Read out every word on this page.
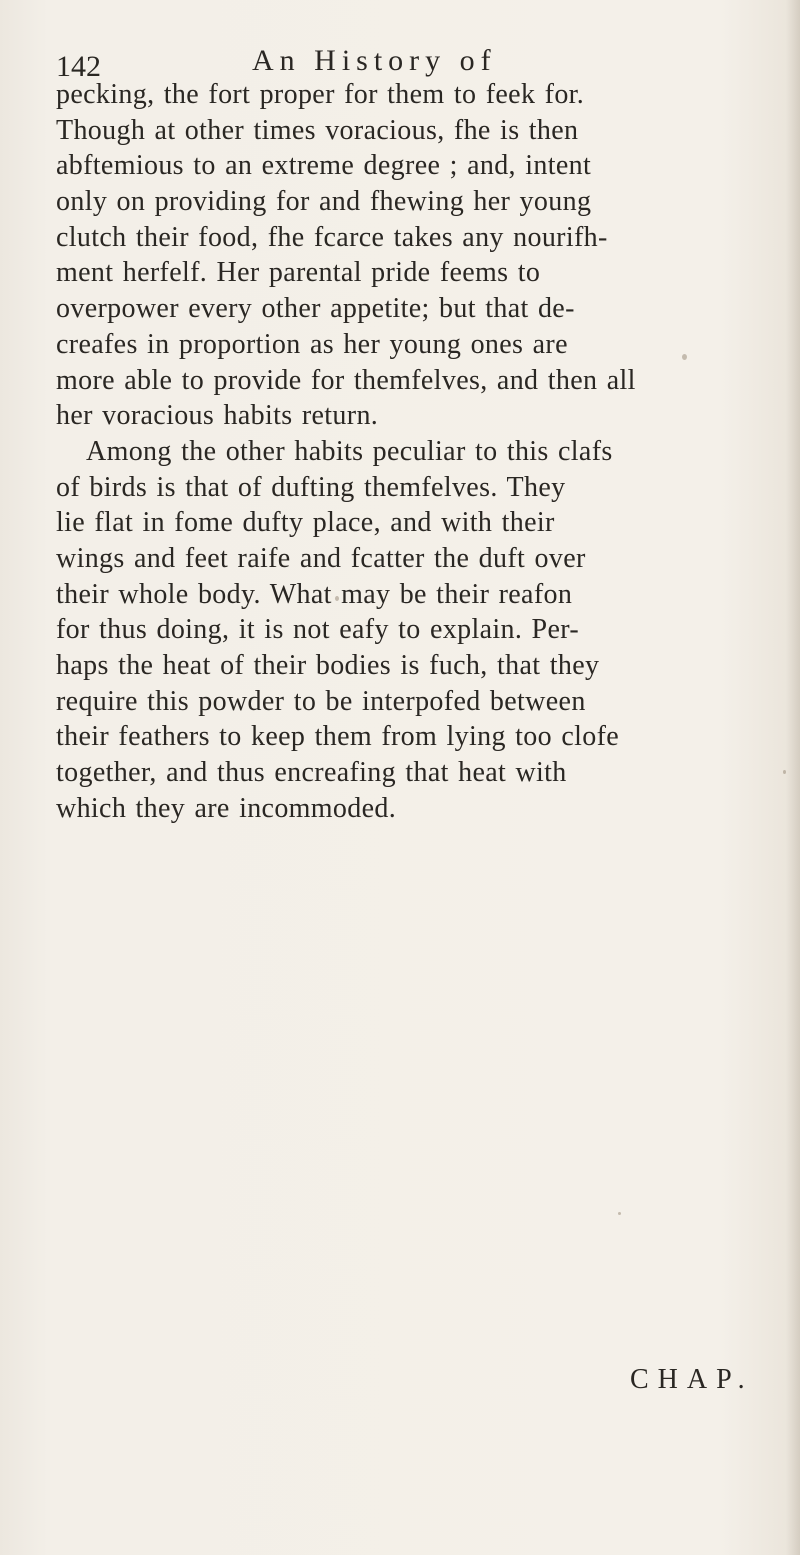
142	An History of
pecking, the fort proper for them to feek for.
Though at other times voracious, fhe is then
abftemious to an extreme degree ; and, intent
only on providing for and fhewing her young
clutch their food, fhe fcarce takes any nourifh-
ment herfelf. Her parental pride feems to
overpower every other appetite; but that de-
creafes in proportion as her young ones are
more able to provide for themfelves, and then all
her voracious habits return.
Among the other habits peculiar to this clafs
of birds is that of dufting themfelves. They
lie flat in fome dufty place, and with their
wings and feet raife and fcatter the duft over
their whole body. What may be their reafon
for thus doing, it is not eafy to explain. Per-
haps the heat of their bodies is fuch, that they
require this powder to be interpofed between
their feathers to keep them from lying too clofe
together, and thus encreafing that heat with
which they are incommoded.
CHAP.
